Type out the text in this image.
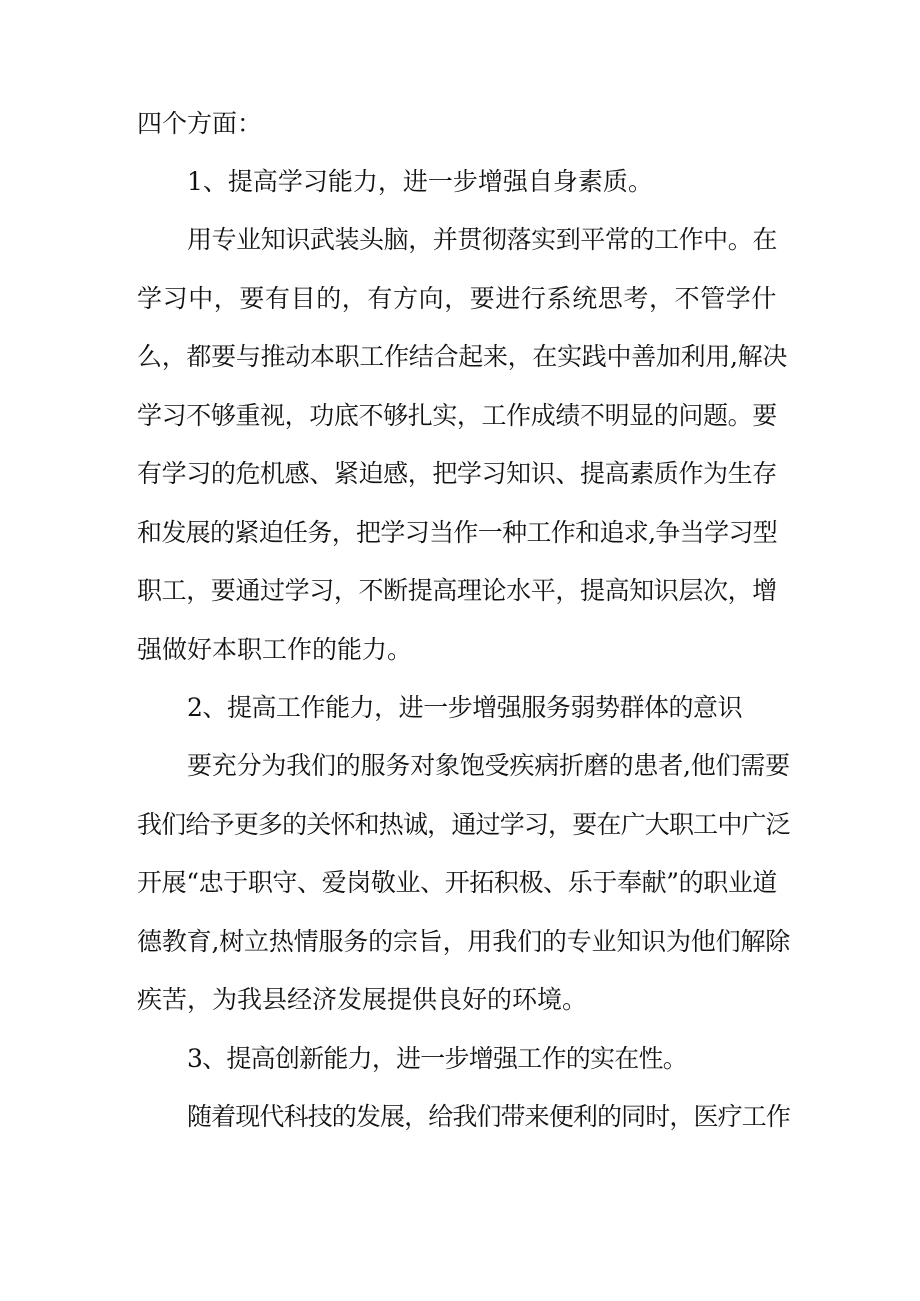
四个方面：
1、提高学习能力，进一步增强自身素质。
用专业知识武装头脑，并贯彻落实到平常的工作中。在
学习中，要有目的，有方向，要进行系统思考，不管学什
么，都要与推动本职工作结合起来，在实践中善加利用,解决
学习不够重视，功底不够扎实，工作成绩不明显的问题。要
有学习的危机感、紧迫感，把学习知识、提高素质作为生存
和发展的紧迫任务，把学习当作一种工作和追求,争当学习型
职工，要通过学习，不断提高理论水平，提高知识层次，增
强做好本职工作的能力。
2、提高工作能力，进一步增强服务弱势群体的意识
要充分为我们的服务对象饱受疾病折磨的患者,他们需要
我们给予更多的关怀和热诚，通过学习，要在广大职工中广泛
开展“忠于职守、爱岗敬业、开拓积极、乐于奉献”的职业道
德教育,树立热情服务的宗旨，用我们的专业知识为他们解除
疾苦，为我县经济发展提供良好的环境。
3、提高创新能力，进一步增强工作的实在性。
随着现代科技的发展，给我们带来便利的同时，医疗工作
